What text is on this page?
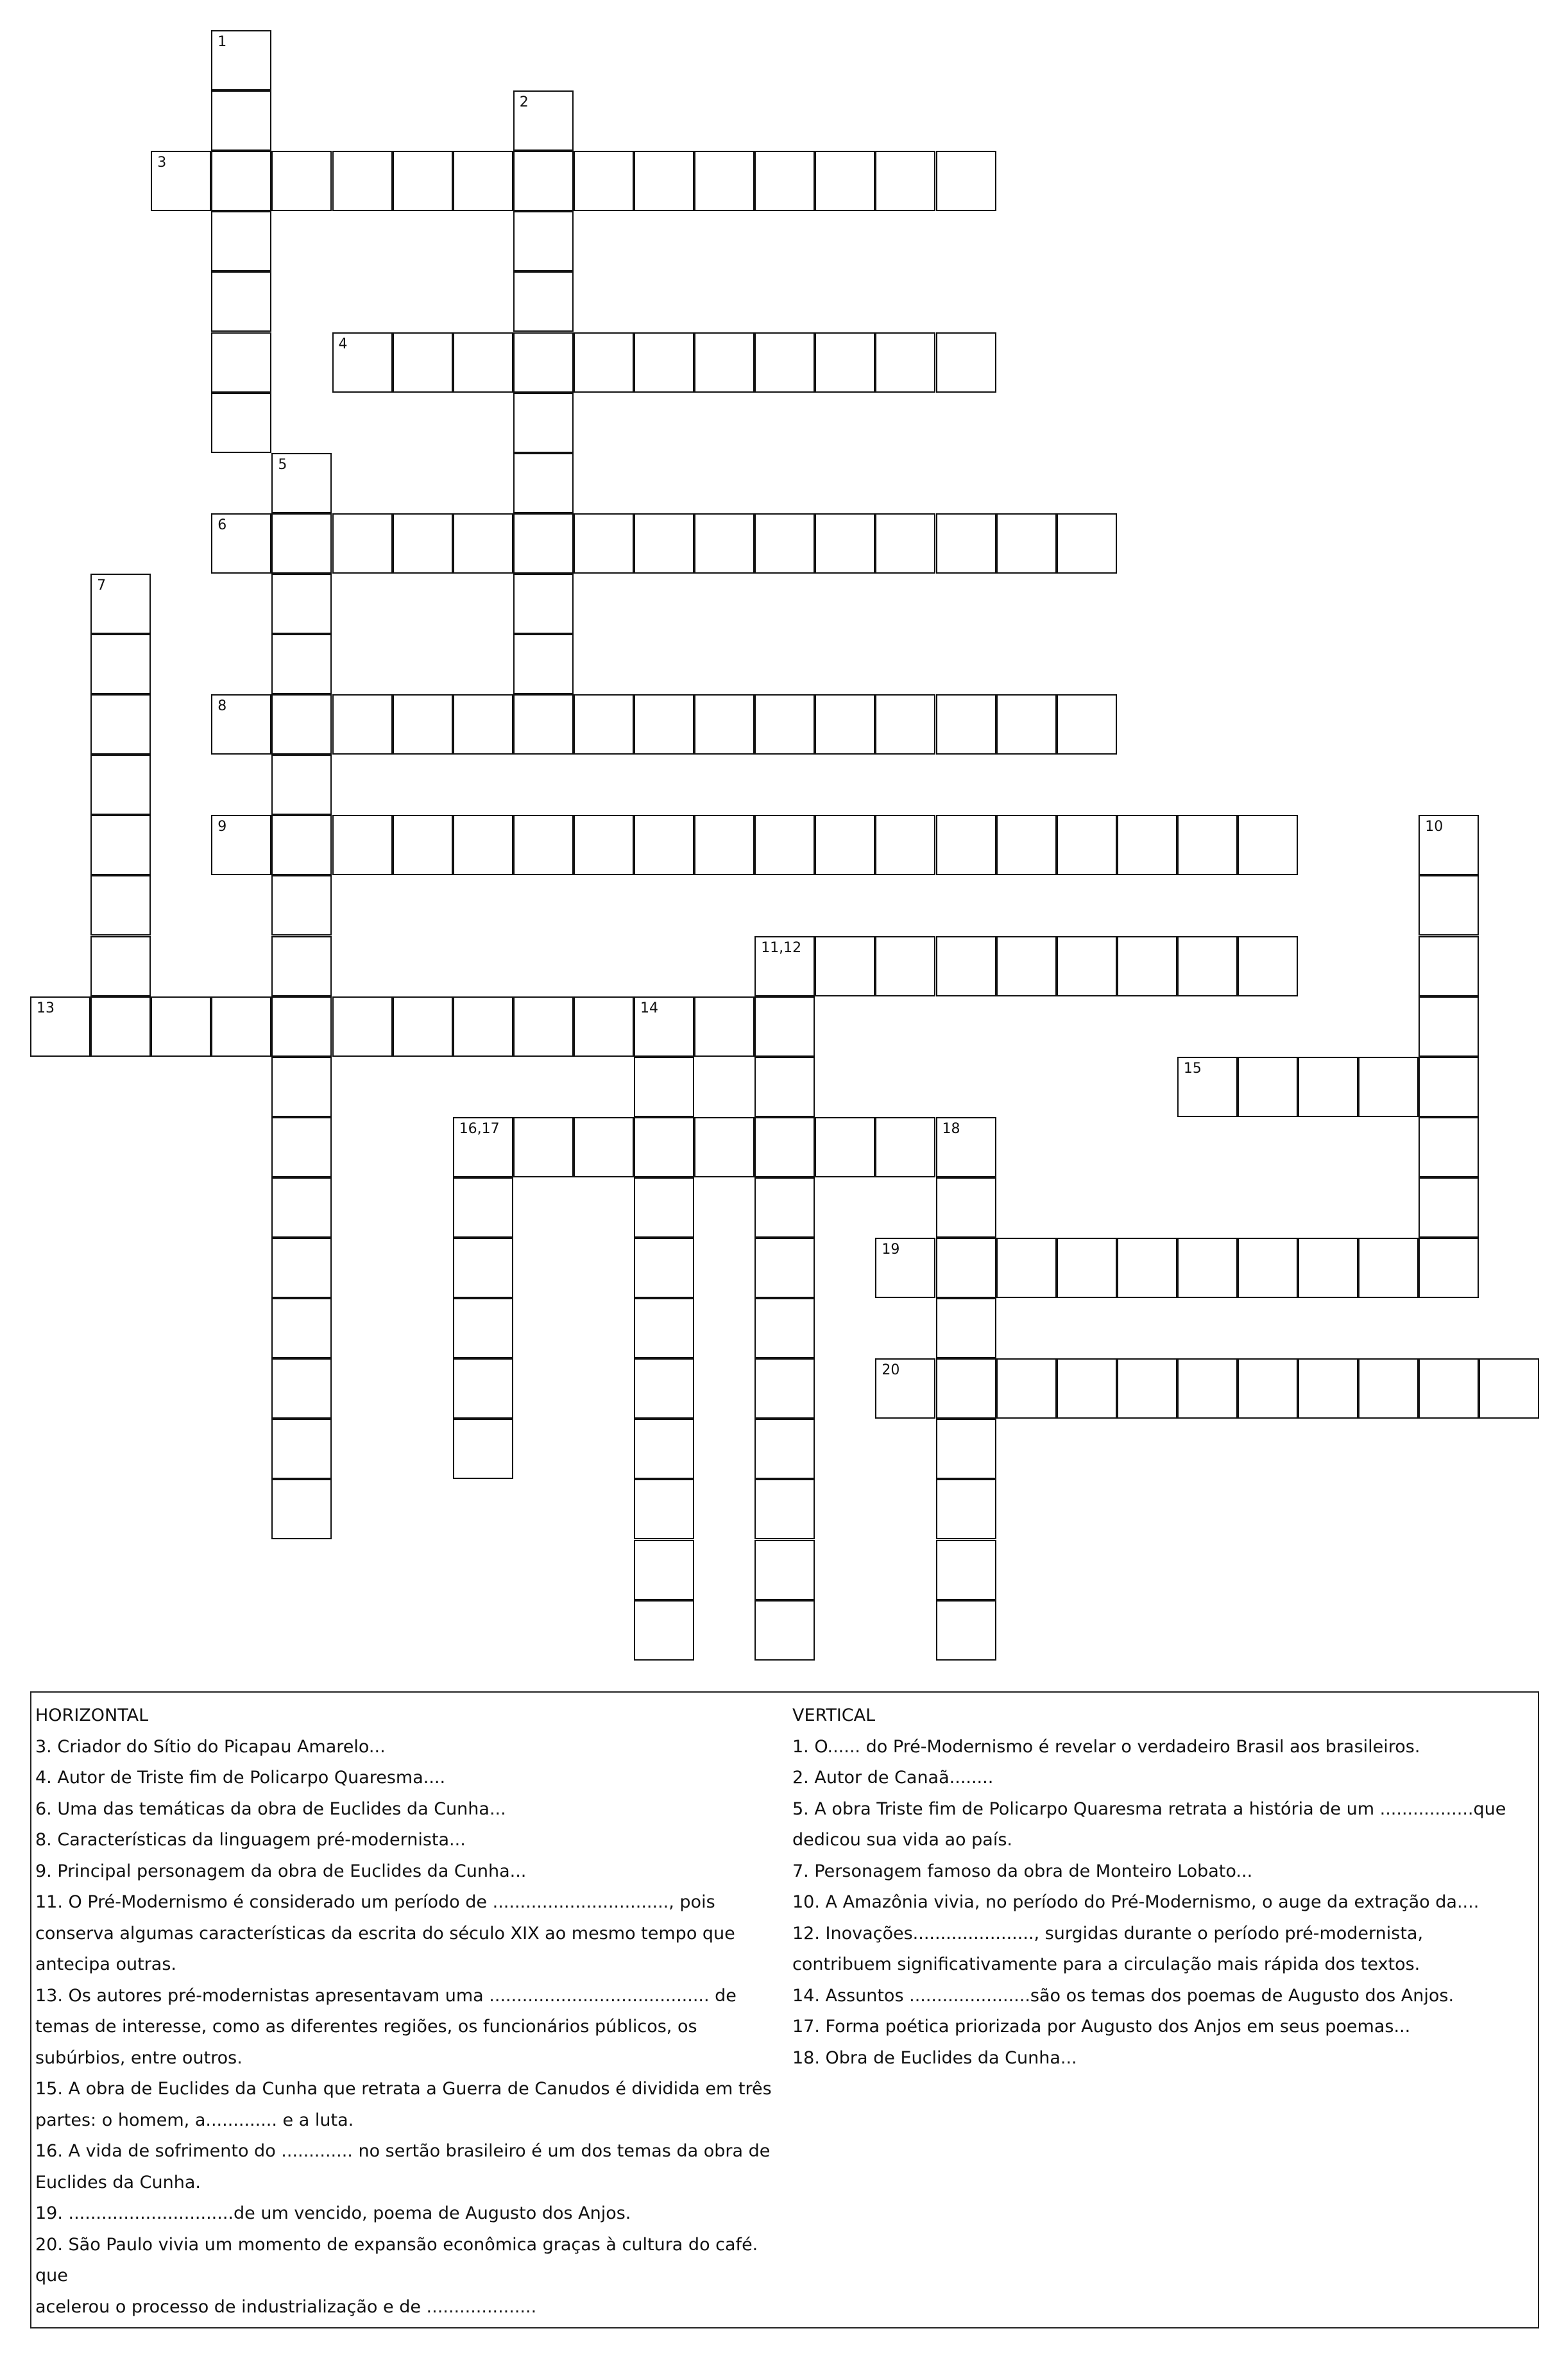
1
2
3
4
5
6
7
8
9	10
11,12
13	14
15
16,17	18
19
20
HORIZONTAL
3. Criador do Sítio do Picapau Amarelo...
4. Autor de Triste fim de Policarpo Quaresma....
6. Uma das temáticas da obra de Euclides da Cunha...
8. Características da linguagem pré-modernista...
9. Principal personagem da obra de Euclides da Cunha...
11. O Pré-Modernismo é considerado um período de ................................, pois
conserva algumas características da escrita do século XIX ao mesmo tempo que
antecipa outras.
13. Os autores pré-modernistas apresentavam uma ........................................ de
temas de interesse, como as diferentes regiões, os funcionários públicos, os
subúrbios, entre outros.
15. A obra de Euclides da Cunha que retrata a Guerra de Canudos é dividida em três
partes: o homem, a............. e a luta.
16. A vida de sofrimento do ............. no sertão brasileiro é um dos temas da obra de
Euclides da Cunha.
19. ..............................de um vencido, poema de Augusto dos Anjos.
20. São Paulo vivia um momento de expansão econômica graças à cultura do café. que
acelerou o processo de industrialização e de ....................
VERTICAL
1. O...... do Pré-Modernismo é revelar o verdadeiro Brasil aos brasileiros.
2. Autor de Canaã........
5. A obra Triste fim de Policarpo Quaresma retrata a história de um .................que
dedicou sua vida ao país.
7. Personagem famoso da obra de Monteiro Lobato...
10. A Amazônia vivia, no período do Pré-Modernismo, o auge da extração da....
12. Inovações......................, surgidas durante o período pré-modernista,
contribuem significativamente para a circulação mais rápida dos textos.
14. Assuntos ......................são os temas dos poemas de Augusto dos Anjos.
17. Forma poética priorizada por Augusto dos Anjos em seus poemas...
18. Obra de Euclides da Cunha...
